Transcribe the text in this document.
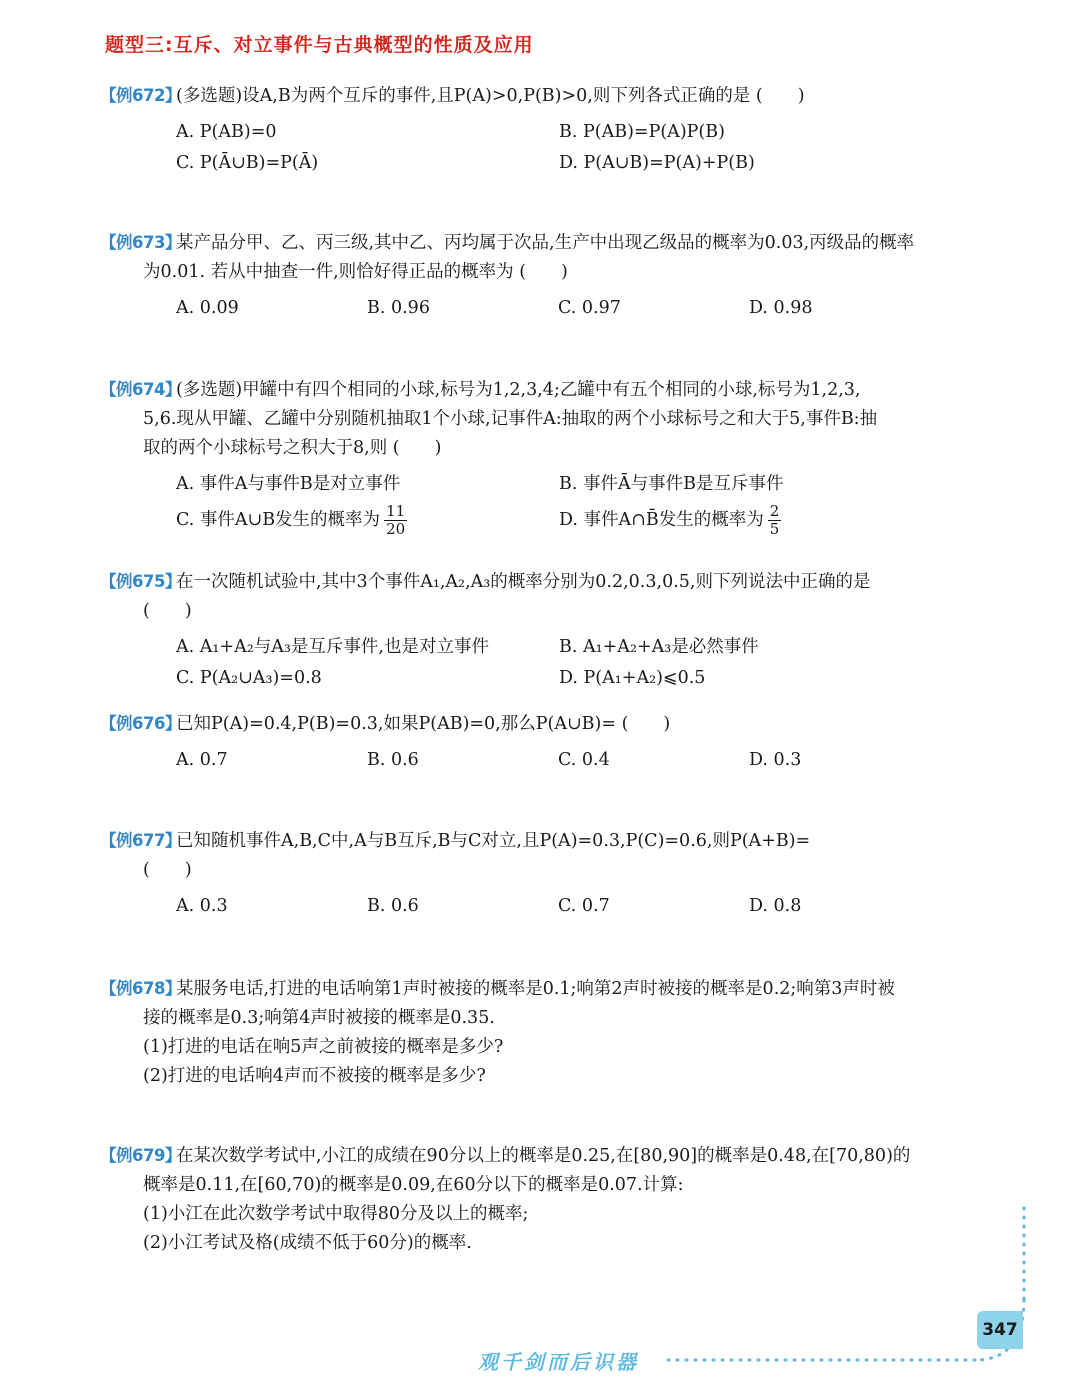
题型三:互斥、对立事件与古典概型的性质及应用
【例672】(多选题)设A,B为两个互斥的事件,且P(A)>0,P(B)>0,则下列各式正确的是 (　　)
A. P(AB)=0	B. P(AB)=P(A)P(B)
C. P(Ā∪B)=P(Ā)	D. P(A∪B)=P(A)+P(B)
【例673】某产品分甲、乙、丙三级,其中乙、丙均属于次品,生产中出现乙级品的概率为0.03,丙级品的概率
为0.01. 若从中抽查一件,则恰好得正品的概率为 (　　)
A. 0.09	B. 0.96	C. 0.97	D. 0.98
【例674】(多选题)甲罐中有四个相同的小球,标号为1,2,3,4;乙罐中有五个相同的小球,标号为1,2,3,
5,6.现从甲罐、乙罐中分别随机抽取1个小球,记事件A:抽取的两个小球标号之和大于5,事件B:抽
取的两个小球标号之积大于8,则 (　　)
A. 事件A与事件B是对立事件	B. 事件Ā与事件B是互斥事件
C. 事件A∪B发生的概率为 $\frac{11}{20}$	D. 事件A∩B̄发生的概率为 $\frac{2}{5}$
【例675】在一次随机试验中,其中3个事件A₁,A₂,A₃的概率分别为0.2,0.3,0.5,则下列说法中正确的是
(　　)
A. A₁+A₂与A₃是互斥事件,也是对立事件	B. A₁+A₂+A₃是必然事件
C. P(A₂∪A₃)=0.8	D. P(A₁+A₂)⩽0.5
【例676】已知P(A)=0.4,P(B)=0.3,如果P(AB)=0,那么P(A∪B)= (　　)
A. 0.7	B. 0.6	C. 0.4	D. 0.3
【例677】已知随机事件A,B,C中,A与B互斥,B与C对立,且P(A)=0.3,P(C)=0.6,则P(A+B)=
(　　)
A. 0.3	B. 0.6	C. 0.7	D. 0.8
【例678】某服务电话,打进的电话响第1声时被接的概率是0.1;响第2声时被接的概率是0.2;响第3声时被
接的概率是0.3;响第4声时被接的概率是0.35.
(1)打进的电话在响5声之前被接的概率是多少?
(2)打进的电话响4声而不被接的概率是多少?
【例679】在某次数学考试中,小江的成绩在90分以上的概率是0.25,在[80,90]的概率是0.48,在[70,80)的
概率是0.11,在[60,70)的概率是0.09,在60分以下的概率是0.07.计算:
(1)小江在此次数学考试中取得80分及以上的概率;
(2)小江考试及格(成绩不低于60分)的概率.
347
观千剑而后识器
